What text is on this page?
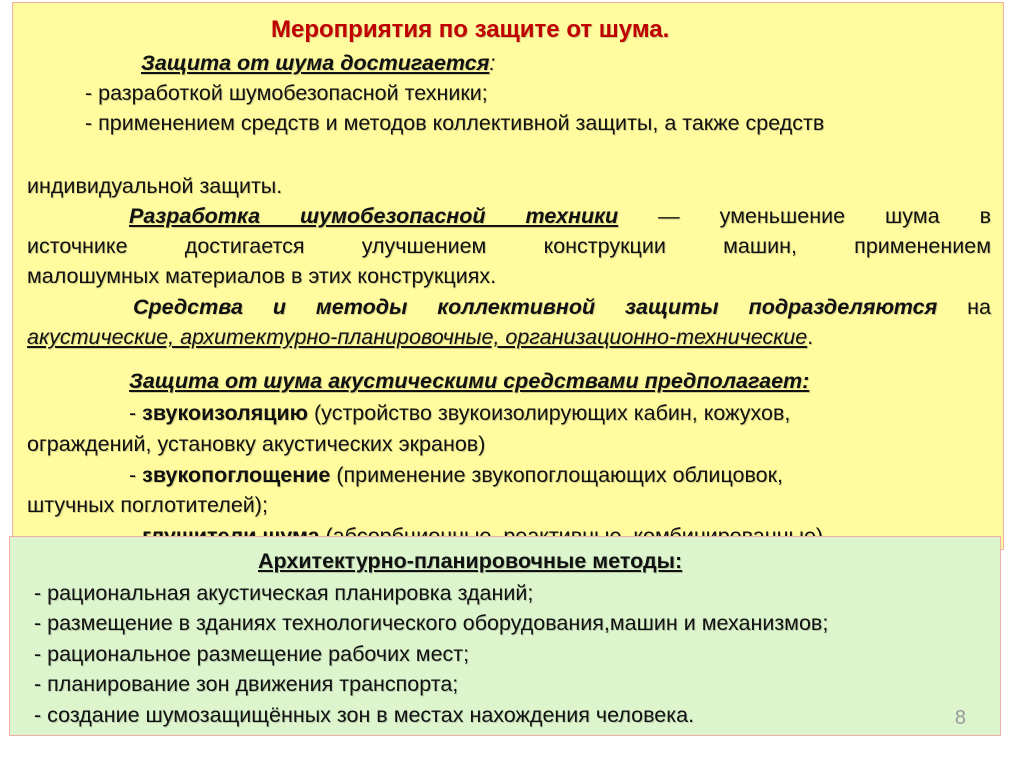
Мероприятия по защите от шума.
Защита от шума достигается:
- разработкой шумобезопасной техники;
- применением средств и методов коллективной защиты, а также средств
индивидуальной защиты.
Разработка шумобезопасной техники — уменьшение шума в
источнике достигается улучшением конструкции машин, применением
малошумных материалов в этих конструкциях.
Средства и методы коллективной защиты подразделяются на
акустические, архитектурно-планировочные, организационно-технические.
Защита от шума акустическими средствами предполагает:
- звукоизоляцию (устройство звукоизолирующих кабин, кожухов,
ограждений, установку акустических экранов)
- звукопоглощение (применение звукопоглощающих облицовок,
штучных поглотителей);
Архитектурно-планировочные методы:
- рациональная акустическая планировка зданий;
- размещение в зданиях технологического оборудования,машин и механизмов;
- рациональное размещение рабочих мест;
- планирование зон движения транспорта;
- создание шумозащищённых зон в местах нахождения человека.	8
